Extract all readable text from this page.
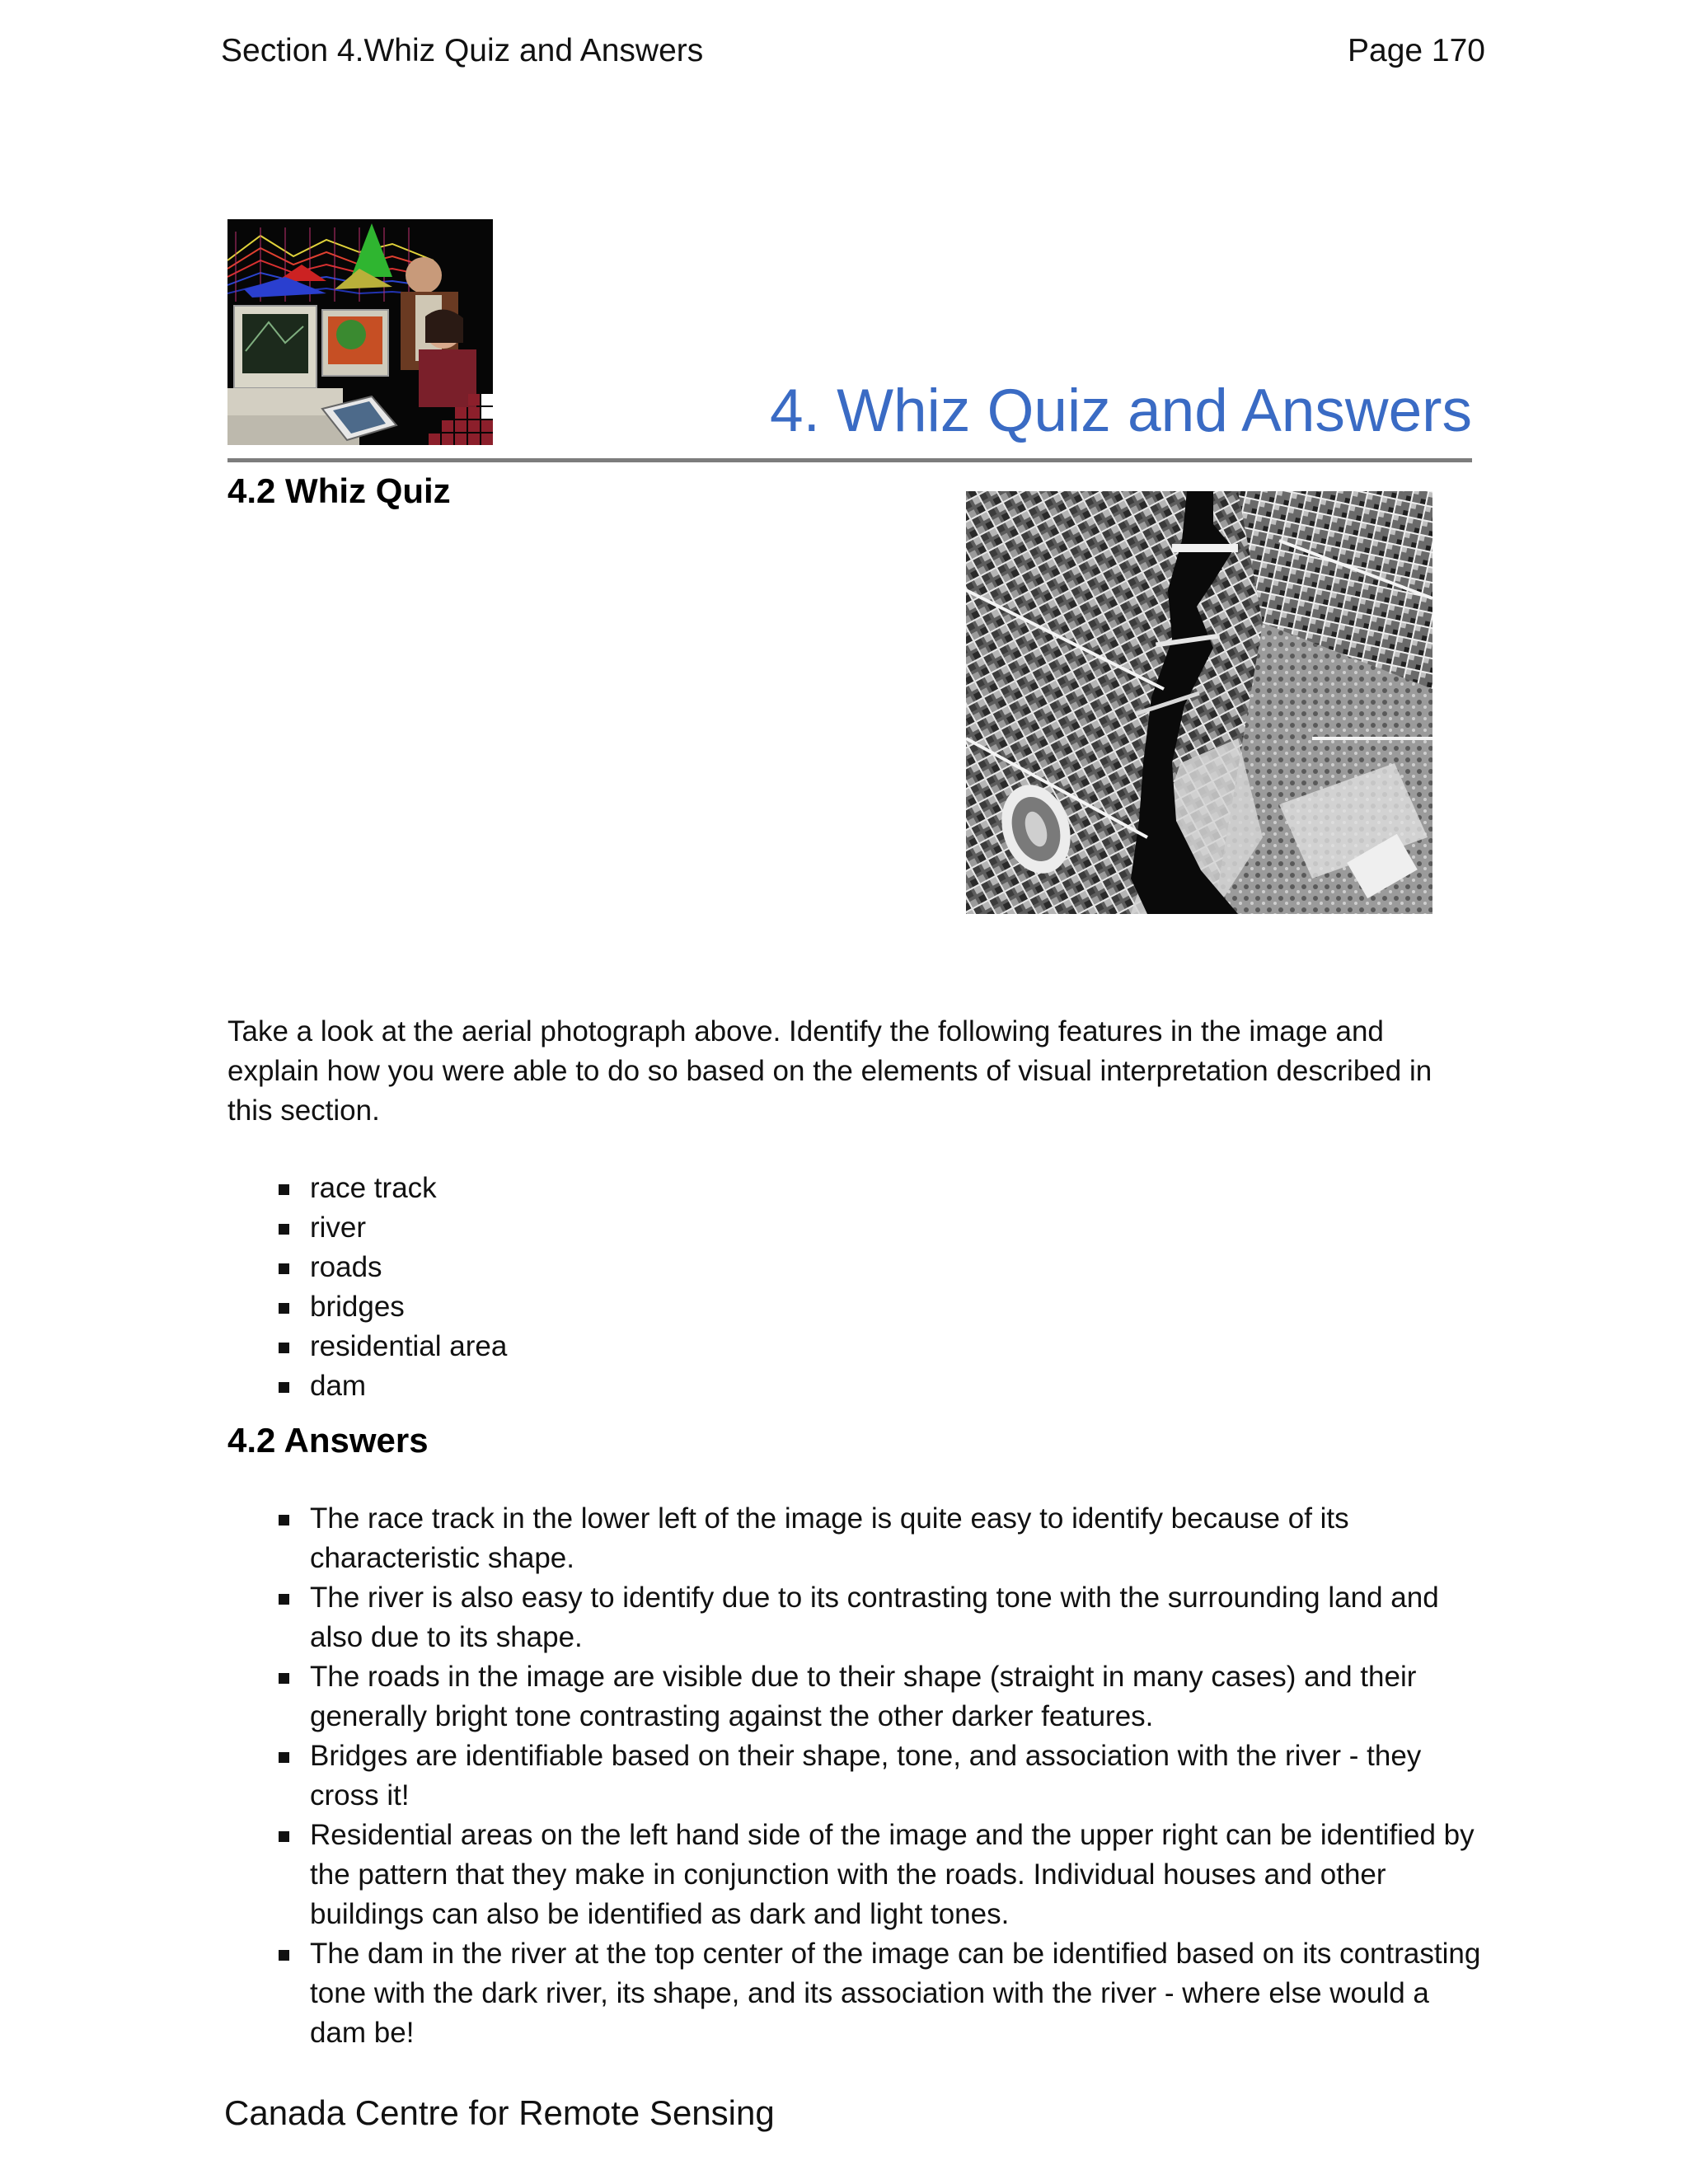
Section 4.Whiz Quiz and Answers	Page 170
4. Whiz Quiz and Answers
4.2 Whiz Quiz

Take a look at the aerial photograph above. Identify the following features in the image and explain how you were able to do so based on the elements of visual interpretation described in this section.

race track
river
roads
bridges
residential area
dam
4.2 Answers
The race track in the lower left of the image is quite easy to identify because of its characteristic shape.
The river is also easy to identify due to its contrasting tone with the surrounding land and also due to its shape.
The roads in the image are visible due to their shape (straight in many cases) and their generally bright tone contrasting against the other darker features.
Bridges are identifiable based on their shape, tone, and association with the river - they cross it!
Residential areas on the left hand side of the image and the upper right can be identified by the pattern that they make in conjunction with the roads. Individual houses and other buildings can also be identified as dark and light tones.
The dam in the river at the top center of the image can be identified based on its contrasting tone with the dark river, its shape, and its association with the river - where else would a dam be!
Canada Centre for Remote Sensing
